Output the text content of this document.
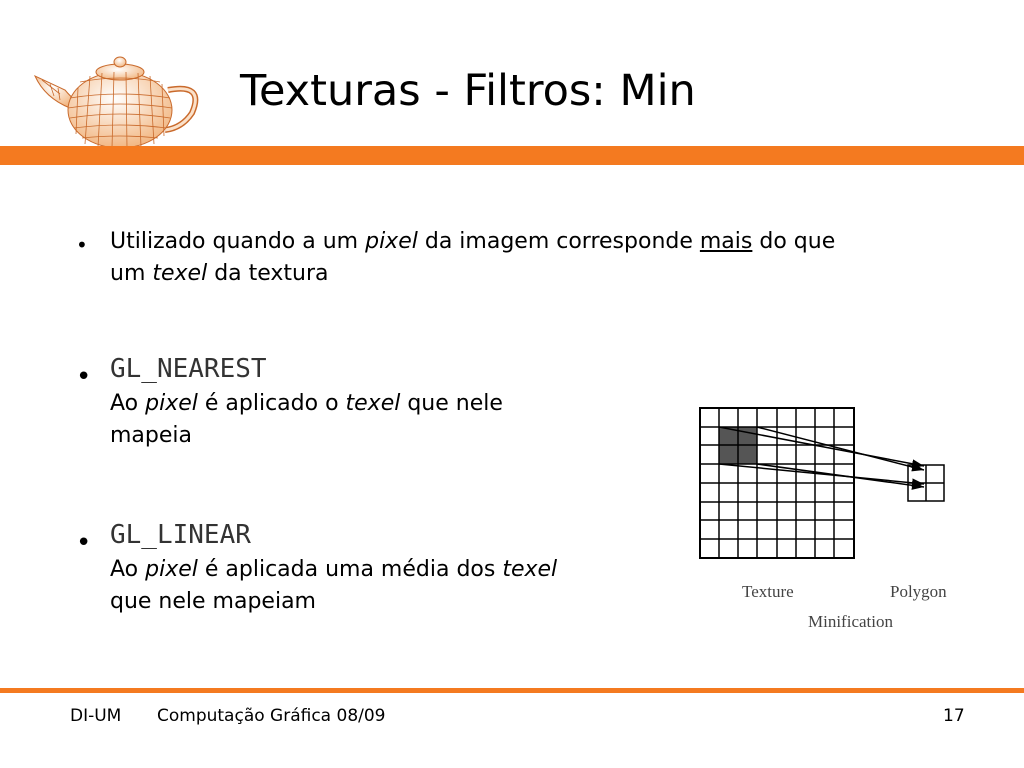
Texturas - Filtros: Min
• Utilizado quando a um pixel da imagem corresponde mais do que
um texel da textura
• GL_NEAREST
Ao pixel é aplicado o texel que nele
mapeia
• GL_LINEAR
Ao pixel é aplicada uma média dos texel
que nele mapeiam	Texture	Polygon
Minification
DI-UM Computação Gráfica 08/09	17
